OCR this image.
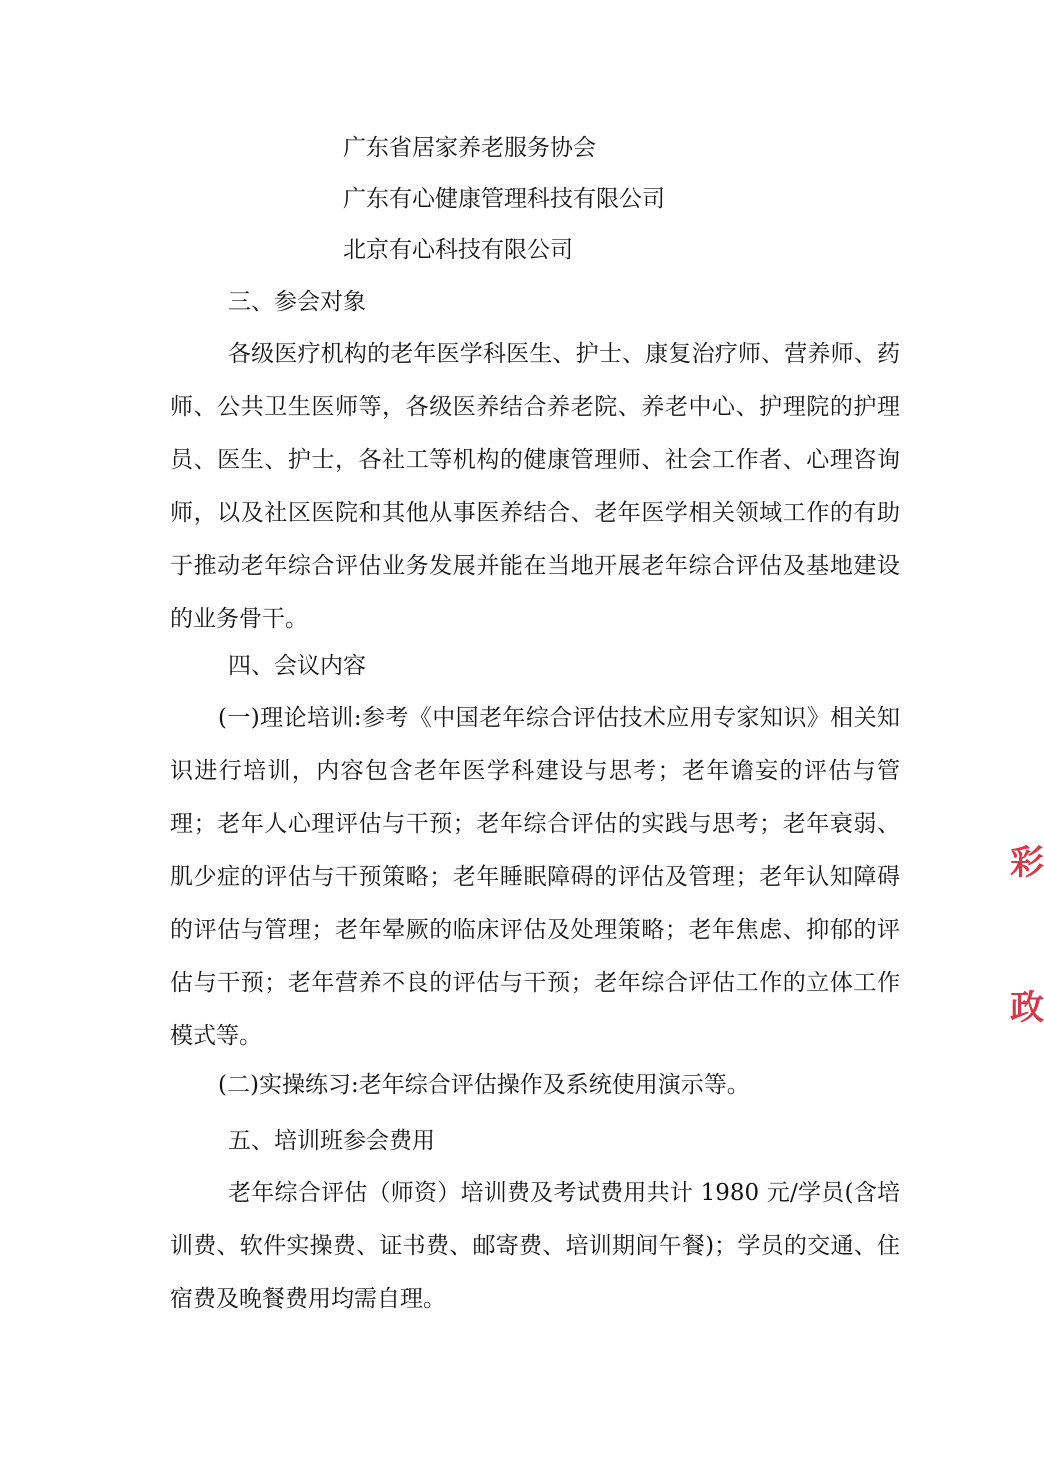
广东省居家养老服务协会
广东有心健康管理科技有限公司
北京有心科技有限公司
三、参会对象

各级医疗机构的老年医学科医生、护士、康复治疗师、营养师、药师、公共卫生医师等，各级医养结合养老院、养老中心、护理院的护理员、医生、护士，各社工等机构的健康管理师、社会工作者、心理咨询师，以及社区医院和其他从事医养结合、老年医学相关领域工作的有助于推动老年综合评估业务发展并能在当地开展老年综合评估及基地建设的业务骨干。

四、会议内容

(一)理论培训:参考《中国老年综合评估技术应用专家知识》相关知识进行培训，内容包含老年医学科建设与思考；老年谵妄的评估与管理；老年人心理评估与干预；老年综合评估的实践与思考；老年衰弱、肌少症的评估与干预策略；老年睡眠障碍的评估及管理；老年认知障碍的评估与管理；老年晕厥的临床评估及处理策略；老年焦虑、抑郁的评估与干预；老年营养不良的评估与干预；老年综合评估工作的立体工作模式等。

(二)实操练习:老年综合评估操作及系统使用演示等。

五、培训班参会费用

老年综合评估（师资）培训费及考试费用共计 1980 元/学员(含培训费、软件实操费、证书费、邮寄费、培训期间午餐)；学员的交通、住宿费及晚餐费用均需自理。

彩
政
